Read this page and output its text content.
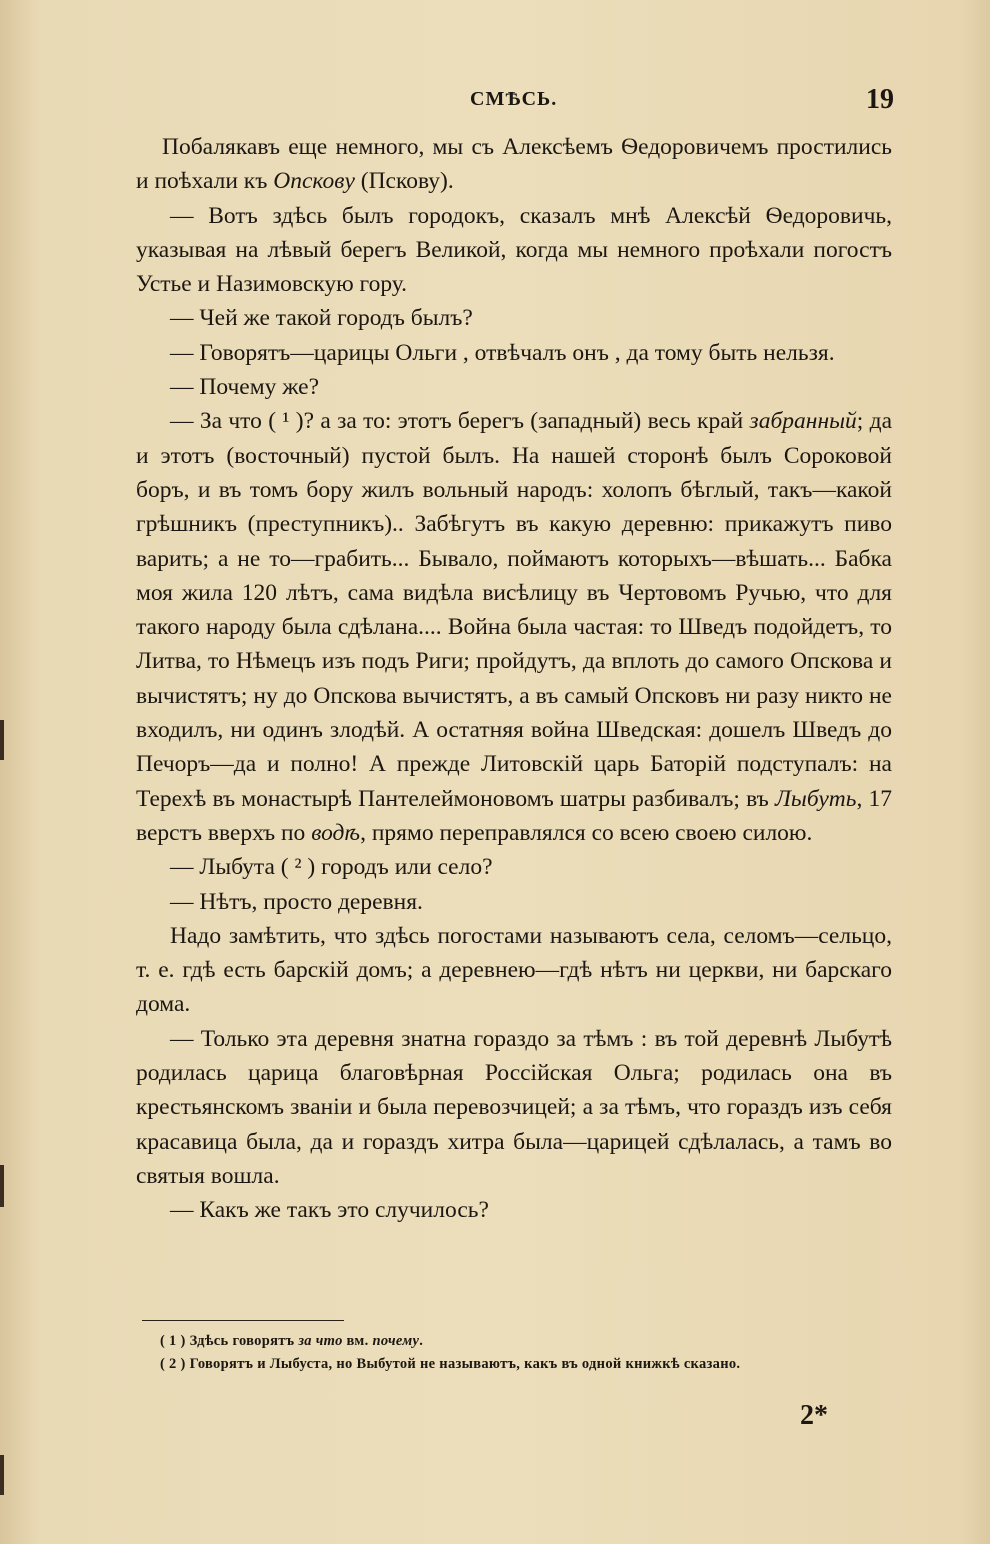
СМѢСЬ.	19

Побалякавъ еще немного, мы съ Алексѣемъ Ѳедоровичемъ простились и поѣхали къ Опскову (Пскову).

— Вотъ здѣсь былъ городокъ, сказалъ мнѣ Алексѣй Ѳедоровичь, указывая на лѣвый берегъ Великой, когда мы немного проѣхали погостъ Устье и Назимовскую гору.

— Чей же такой городъ былъ?

— Говорятъ—царицы Ольги , отвѣчалъ онъ , да тому быть нельзя.

— Почему же?

— За что ( ¹ )? а за то: этотъ берегъ (западный) весь край забранный; да и этотъ (восточный) пустой былъ. На нашей сторонѣ былъ Сороковой боръ, и въ томъ бору жилъ вольный народъ: холопъ бѣглый, такъ—какой грѣшникъ (преступникъ).. Забѣгутъ въ какую деревню: прикажутъ пиво варить; а не то—грабить... Бывало, поймаютъ которыхъ—вѣшать... Бабка моя жила 120 лѣтъ, сама видѣла висѣлицу въ Чертовомъ Ручью, что для такого народу была сдѣлана.... Война была частая: то Шведъ подойдетъ, то Литва, то Нѣмецъ изъ подъ Риги; пройдутъ, да вплоть до самого Опскова и вычистятъ; ну до Опскова вычистятъ, а въ самый Опсковъ ни разу никто не входилъ, ни одинъ злодѣй. А остатняя война Шведская: дошелъ Шведъ до Печоръ—да и полно! А прежде Литовскій царь Баторій подступалъ: на Терехѣ въ монастырѣ Пантелеймоновомъ шатры разбивалъ; въ Лыбуть, 17 верстъ вверхъ по водѣ, прямо переправлялся со всею своею силою.

— Лыбута ( ² ) городъ или село?

— Нѣтъ, просто деревня.

Надо замѣтить, что здѣсь погостами называютъ села, селомъ—сельцо, т. е. гдѣ есть барскій домъ; а деревнею—гдѣ нѣтъ ни церкви, ни барскаго дома.

— Только эта деревня знатна гораздо за тѣмъ : въ той деревнѣ Лыбутѣ родилась царица благовѣрная Россійская Ольга; родилась она въ крестьянскомъ званіи и была перевозчицей; а за тѣмъ, что гораздъ изъ себя красавица была, да и гораздъ хитра была—царицей сдѣлалась, а тамъ во святыя вошла.

— Какъ же такъ это случилось?

( 1 ) Здѣсь говорятъ за что вм. почему.

( 2 ) Говорятъ и Лыбуста, но Выбутой не называютъ, какъ въ одной книжкѣ сказано.

2*
